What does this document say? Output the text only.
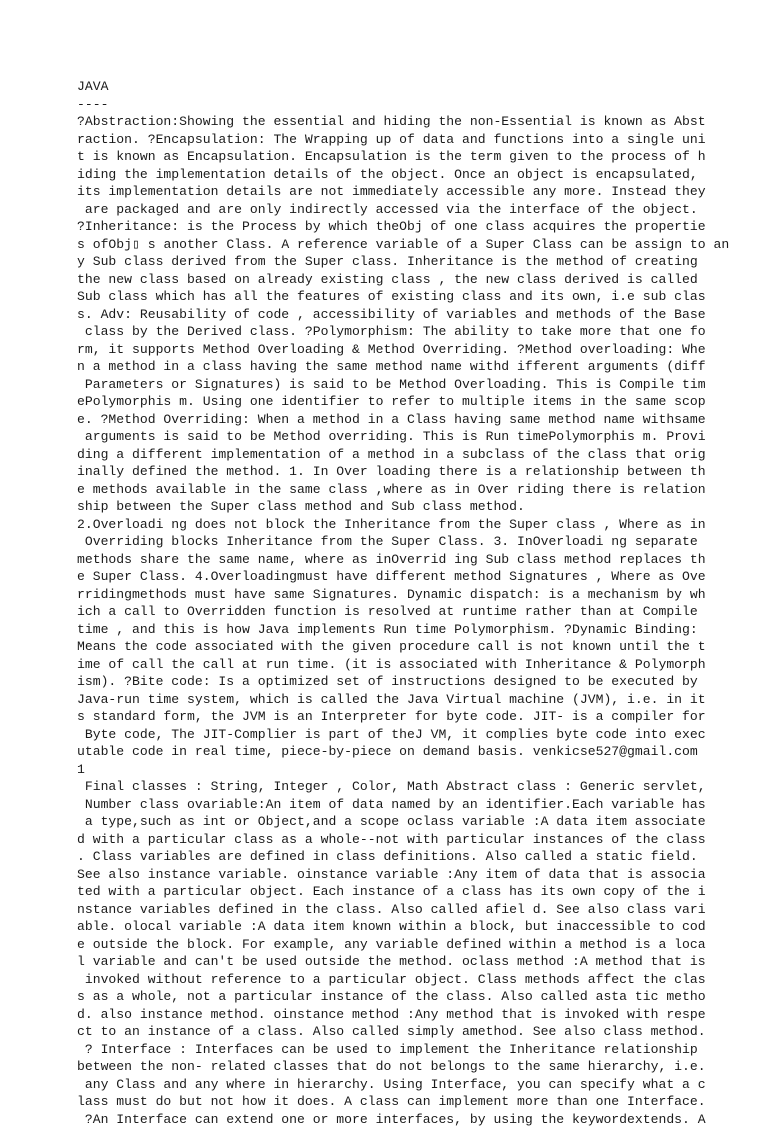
JAVA
----
?Abstraction:Showing the essential and hiding the non-Essential is known as Abst
raction. ?Encapsulation: The Wrapping up of data and functions into a single uni
t is known as Encapsulation. Encapsulation is the term given to the process of h
iding the implementation details of the object. Once an object is encapsulated,
its implementation details are not immediately accessible any more. Instead they
are packaged and are only indirectly accessed via the interface of the object.
?Inheritance: is the Process by which theObj of one class acquires the propertie
s ofObj▯ s another Class. A reference variable of a Super Class can be assign to an
y Sub class derived from the Super class. Inheritance is the method of creating
the new class based on already existing class , the new class derived is called
Sub class which has all the features of existing class and its own, i.e sub clas
s. Adv: Reusability of code , accessibility of variables and methods of the Base
class by the Derived class. ?Polymorphism: The ability to take more that one fo
rm, it supports Method Overloading & Method Overriding. ?Method overloading: Whe
n a method in a class having the same method name withd ifferent arguments (diff
Parameters or Signatures) is said to be Method Overloading. This is Compile tim
ePolymorphis m. Using one identifier to refer to multiple items in the same scop
e. ?Method Overriding: When a method in a Class having same method name withsame
arguments is said to be Method overriding. This is Run timePolymorphis m. Provi
ding a different implementation of a method in a subclass of the class that orig
inally defined the method. 1. In Over loading there is a relationship between th
e methods available in the same class ,where as in Over riding there is relation
ship between the Super class method and Sub class method.
2.Overloadi ng does not block the Inheritance from the Super class , Where as in
Overriding blocks Inheritance from the Super Class. 3. InOverloadi ng separate
methods share the same name, where as inOverrid ing Sub class method replaces th
e Super Class. 4.Overloadingmust have different method Signatures , Where as Ove
rridingmethods must have same Signatures. Dynamic dispatch: is a mechanism by wh
ich a call to Overridden function is resolved at runtime rather than at Compile
time , and this is how Java implements Run time Polymorphism. ?Dynamic Binding:
Means the code associated with the given procedure call is not known until the t
ime of call the call at run time. (it is associated with Inheritance & Polymorph
ism). ?Bite code: Is a optimized set of instructions designed to be executed by
Java-run time system, which is called the Java Virtual machine (JVM), i.e. in it
s standard form, the JVM is an Interpreter for byte code. JIT- is a compiler for
Byte code, The JIT-Complier is part of theJ VM, it complies byte code into exec
utable code in real time, piece-by-piece on demand basis. venkicse527@gmail.com
1
Final classes : String, Integer , Color, Math Abstract class : Generic servlet,
Number class ovariable:An item of data named by an identifier.Each variable has
a type,such as int or Object,and a scope oclass variable :A data item associate
d with a particular class as a whole--not with particular instances of the class
. Class variables are defined in class definitions. Also called a static field.
See also instance variable. oinstance variable :Any item of data that is associa
ted with a particular object. Each instance of a class has its own copy of the i
nstance variables defined in the class. Also called afiel d. See also class vari
able. olocal variable :A data item known within a block, but inaccessible to cod
e outside the block. For example, any variable defined within a method is a loca
l variable and can't be used outside the method. oclass method :A method that is
invoked without reference to a particular object. Class methods affect the clas
s as a whole, not a particular instance of the class. Also called asta tic metho
d. also instance method. oinstance method :Any method that is invoked with respe
ct to an instance of a class. Also called simply amethod. See also class method.
? Interface : Interfaces can be used to implement the Inheritance relationship
between the non- related classes that do not belongs to the same hierarchy, i.e.
any Class and any where in hierarchy. Using Interface, you can specify what a c
lass must do but not how it does. A class can implement more than one Interface.
?An Interface can extend one or more interfaces, by using the keywordextends. A
